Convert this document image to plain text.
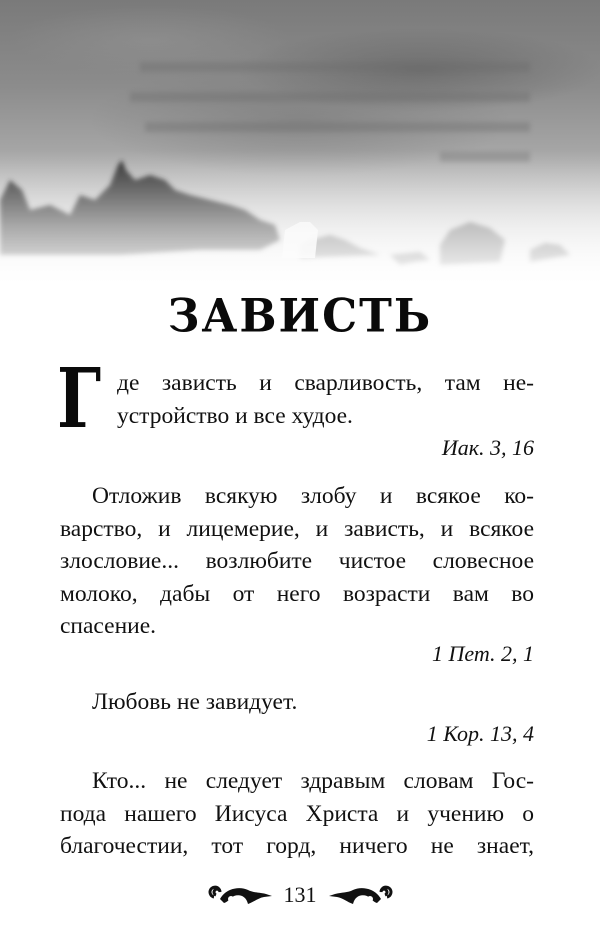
ЗАВИСТЬ
Г де зависть и сварливость, там не-
устройство и все худое.
Иак. 3, 16
Отложив всякую злобу и всякое ко-
варство, и лицемерие, и зависть, и всякое
злословие... возлюбите чистое словесное
молоко, дабы от него возрасти вам во
спасение.
1 Пет. 2, 1
Любовь не завидует.
1 Кор. 13, 4
Кто... не следует здравым словам Гос-
пода нашего Иисуса Христа и учению о
благочестии, тот горд, ничего не знает,
131
